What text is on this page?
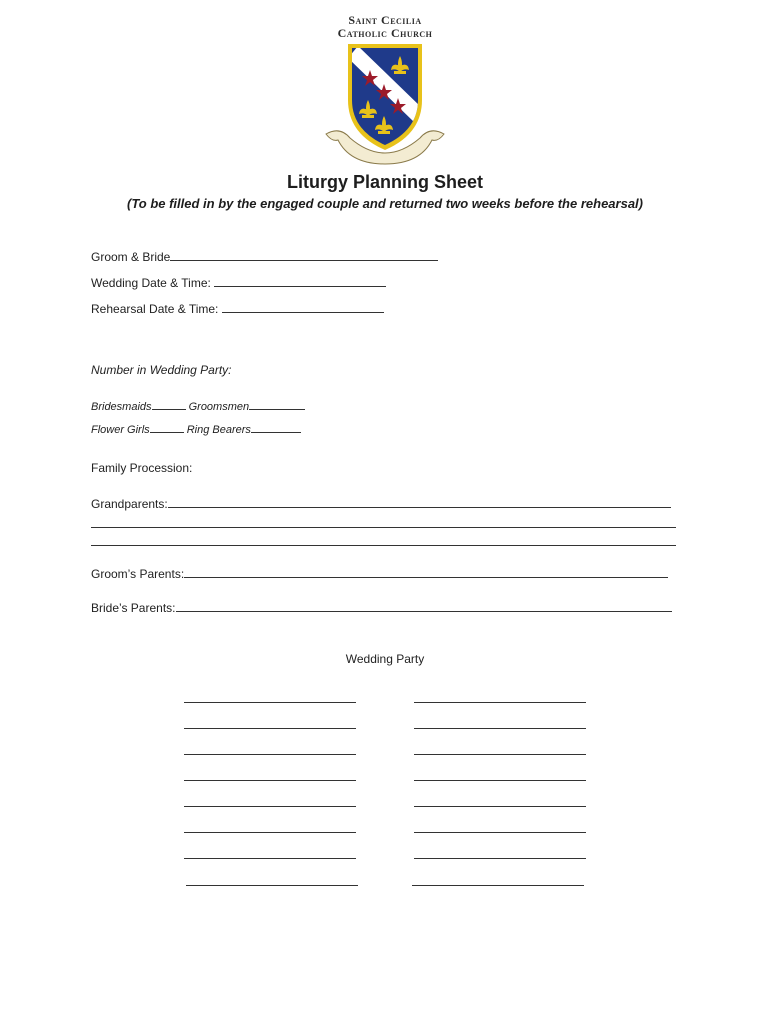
Saint Cecilia
Catholic Church
Liturgy Planning Sheet
(To be filled in by the engaged couple and returned two weeks before the rehearsal)
Groom & Bride
Wedding Date & Time:
Rehearsal Date & Time:
Number in Wedding Party:
Bridesmaids	Groomsmen
Flower Girls	Ring Bearers
Family Procession:
Grandparents:
Groom’s Parents:
Bride’s Parents:
Wedding Party
